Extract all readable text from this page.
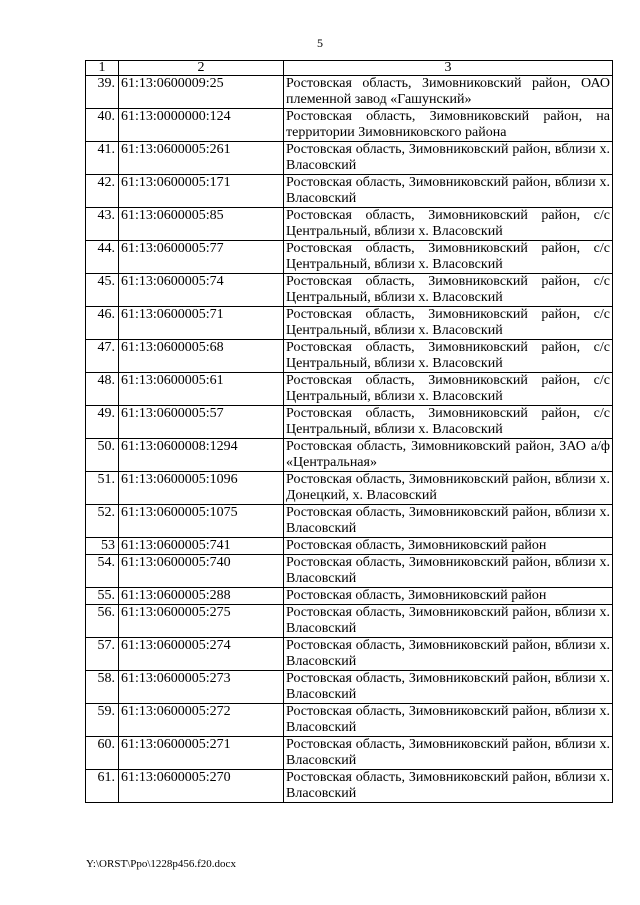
5
1	2	3
39.	61:13:0600009:25	Ростовская область, Зимовниковский район, ОАО племенной завод «Гашунский»
40.	61:13:0000000:124	Ростовская область, Зимовниковский район, на территории Зимовниковского района
41.	61:13:0600005:261	Ростовская область, Зимовниковский район, вблизи х. Власовский
42.	61:13:0600005:171	Ростовская область, Зимовниковский район, вблизи х. Власовский
43.	61:13:0600005:85	Ростовская область, Зимовниковский район, с/с Центральный, вблизи х. Власовский
44.	61:13:0600005:77	Ростовская область, Зимовниковский район, с/с Центральный, вблизи х. Власовский
45.	61:13:0600005:74	Ростовская область, Зимовниковский район, с/с Центральный, вблизи х. Власовский
46.	61:13:0600005:71	Ростовская область, Зимовниковский район, с/с Центральный, вблизи х. Власовский
47.	61:13:0600005:68	Ростовская область, Зимовниковский район, с/с Центральный, вблизи х. Власовский
48.	61:13:0600005:61	Ростовская область, Зимовниковский район, с/с Центральный, вблизи х. Власовский
49.	61:13:0600005:57	Ростовская область, Зимовниковский район, с/с Центральный, вблизи х. Власовский
50.	61:13:0600008:1294	Ростовская область, Зимовниковский район, ЗАО а/ф «Центральная»
51.	61:13:0600005:1096	Ростовская область, Зимовниковский район, вблизи х. Донецкий, х. Власовский
52.	61:13:0600005:1075	Ростовская область, Зимовниковский район, вблизи х. Власовский
53	61:13:0600005:741	Ростовская область, Зимовниковский район
54.	61:13:0600005:740	Ростовская область, Зимовниковский район, вблизи х. Власовский
55.	61:13:0600005:288	Ростовская область, Зимовниковский район
56.	61:13:0600005:275	Ростовская область, Зимовниковский район, вблизи х. Власовский
57.	61:13:0600005:274	Ростовская область, Зимовниковский район, вблизи х. Власовский
58.	61:13:0600005:273	Ростовская область, Зимовниковский район, вблизи х. Власовский
59.	61:13:0600005:272	Ростовская область, Зимовниковский район, вблизи х. Власовский
60.	61:13:0600005:271	Ростовская область, Зимовниковский район, вблизи х. Власовский
61.	61:13:0600005:270	Ростовская область, Зимовниковский район, вблизи х. Власовский
Y:\ORST\Ppo\1228p456.f20.docx
